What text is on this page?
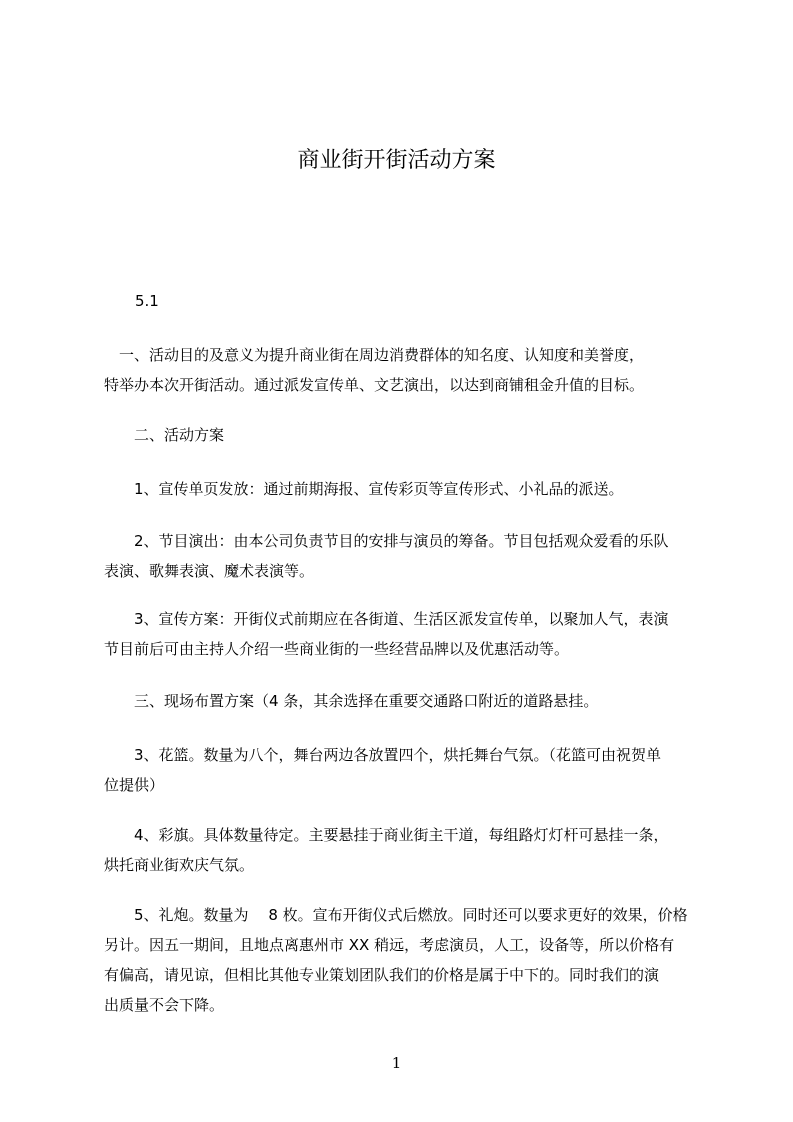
商业街开街活动方案
5.1
　一、活动目的及意义为提升商业街在周边消费群体的知名度、认知度和美誉度，
特举办本次开街活动。通过派发宣传单、文艺演出，以达到商铺租金升值的目标。
　　二、活动方案
　　1、宣传单页发放：通过前期海报、宣传彩页等宣传形式、小礼品的派送。
　　2、节目演出：由本公司负责节目的安排与演员的筹备。节目包括观众爱看的乐队
表演、歌舞表演、魔术表演等。
　　3、宣传方案：开街仪式前期应在各街道、生活区派发宣传单，以聚加人气，表演
节目前后可由主持人介绍一些商业街的一些经营品牌以及优惠活动等。
　　三、现场布置方案（4 条，其余选择在重要交通路口附近的道路悬挂。
　　3、花篮。数量为八个，舞台两边各放置四个，烘托舞台气氛。（花篮可由祝贺单
位提供）
　　4、彩旗。具体数量待定。主要悬挂于商业街主干道，每组路灯灯杆可悬挂一条，
烘托商业街欢庆气氛。
　　5、礼炮。数量为　 8 枚。宣布开街仪式后燃放。同时还可以要求更好的效果，价格
另计。因五一期间，且地点离惠州市 XX 稍远，考虑演员，人工，设备等，所以价格有
有偏高，请见谅，但相比其他专业策划团队我们的价格是属于中下的。同时我们的演
出质量不会下降。
1
